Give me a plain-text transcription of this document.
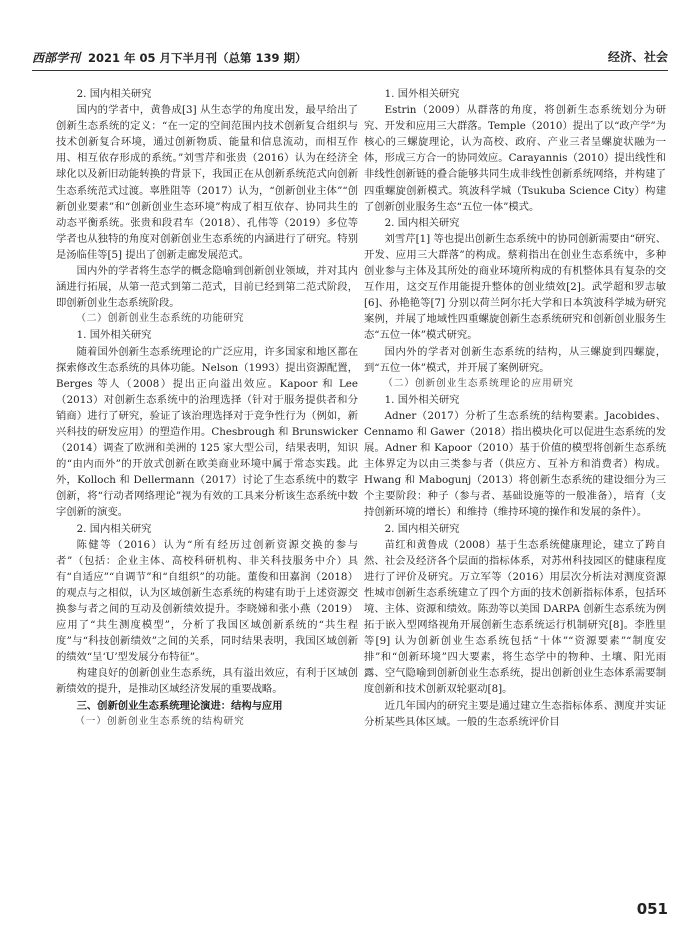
西部学刊 2021 年 05 月下半月刊（总第 139 期）	经济、社会

2. 国内相关研究

国内的学者中，黄鲁成[3] 从生态学的角度出发，最早给出了创新生态系统的定义：“在一定的空间范围内技术创新复合组织与技术创新复合环境，通过创新物质、能量和信息流动，而相互作用、相互依存形成的系统。”刘雪芹和张贵（2016）认为在经济全球化以及新旧动能转换的背景下，我国正在从创新系统范式向创新生态系统范式过渡。辜胜阻等（2017）认为，“创新创业主体”“创新创业要素”和“创新创业生态环境”构成了相互依存、协同共生的动态平衡系统。张贵和段君车（2018）、孔伟等（2019）多位等学者也从独特的角度对创新创业生态系统的内涵进行了研究。特别是汤临佳等[5] 提出了创新走廊发展范式。

国内外的学者将生态学的概念隐喻到创新创业领域，并对其内涵进行拓展，从第一范式到第二范式，目前已经到第二范式阶段，即创新创业生态系统阶段。

（二）创新创业生态系统的功能研究

1. 国外相关研究

随着国外创新生态系统理论的广泛应用，许多国家和地区都在探索修改生态系统的具体功能。Nelson（1993）提出资源配置，Berges 等人（2008）提出正向溢出效应。Kapoor 和 Lee（2013）对创新生态系统中的治理选择（针对于服务提供者和分销商）进行了研究，验证了该治理选择对于竞争性行为（例如，新兴科技的研发应用）的塑造作用。Chesbrough 和 Brunswicker（2014）调查了欧洲和美洲的 125 家大型公司，结果表明，知识的“由内而外”的开放式创新在欧美商业环境中属于常态实践。此外，Kolloch 和 Dellermann（2017）讨论了生态系统中的数字创新，将“行动者网络理论”视为有效的工具来分析该生态系统中数字创新的演变。

2. 国内相关研究

陈健等（2016）认为“所有经历过创新资源交换的参与者”（包括：企业主体、高校科研机构、非关科技服务中介）具有“自适应”“自调节”和“自组织”的功能。董俊和田嘉润（2018）的观点与之相似，认为区域创新生态系统的构建有助于上述资源交换参与者之间的互动及创新绩效提升。李晓娣和张小燕（2019）应用了“共生测度模型”，分析了我国区域创新系统的“共生程度”与“科技创新绩效”之间的关系，同时结果表明，我国区域创新的绩效“呈‘U’型发展分布特征”。

构建良好的创新创业生态系统，具有溢出效应，有利于区域创新绩效的提升，是推动区域经济发展的重要战略。

三、创新创业生态系统理论演进：结构与应用

（一）创新创业生态系统的结构研究

1. 国外相关研究

Estrin（2009）从群落的角度，将创新生态系统划分为研究、开发和应用三大群落。Temple（2010）提出了以“政产学”为核心的三螺旋理论，认为高校、政府、产业三者呈螺旋状融为一体，形成三方合一的协同效应。Carayannis（2010）提出线性和非线性创新链的叠合能够共同生成非线性创新系统网络，并构建了四重螺旋创新模式。筑波科学城（Tsukuba Science City）构建了创新创业服务生态“五位一体”模式。

2. 国内相关研究

刘雪芹[1] 等也提出创新生态系统中的协同创新需要由“研究、开发、应用三大群落”的构成。蔡莉指出在创业生态系统中，多种创业参与主体及其所处的商业环境所构成的有机整体具有复杂的交互作用，这交互作用能提升整体的创业绩效[2]。武学超和罗志敏[6]、孙艳艳等[7] 分别以荷兰阿尔托大学和日本筑波科学城为研究案例，并展了地域性四重螺旋创新生态系统研究和创新创业服务生态“五位一体”模式研究。

国内外的学者对创新生态系统的结构，从三螺旋到四螺旋，到“五位一体”模式，并开展了案例研究。

（二）创新创业生态系统理论的应用研究

1. 国外相关研究

Adner（2017）分析了生态系统的结构要素。Jacobides、Cennamo 和 Gawer（2018）指出模块化可以促进生态系统的发展。Adner 和 Kapoor（2010）基于价值的模型将创新生态系统主体界定为以由三类参与者（供应方、互补方和消费者）构成。Hwang 和 Mabogunj（2013）将创新生态系统的建设细分为三个主要阶段：种子（参与者、基础设施等的一般准备），培育（支持创新环境的增长）和维持（维持环境的操作和发展的条件）。

2. 国内相关研究

苗红和黄鲁成（2008）基于生态系统健康理论，建立了跨自然、社会及经济各个层面的指标体系，对苏州科技园区的健康程度进行了评价及研究。万立军等（2016）用层次分析法对测度资源性城市创新生态系统建立了四个方面的技术创新指标体系，包括环境、主体、资源和绩效。陈劲等以美国 DARPA 创新生态系统为例拓于嵌入型网络视角开展创新生态系统运行机制研究[8]。李胜里等[9] 认为创新创业生态系统包括“十体”“资源要素”“制度安排”和“创新环境”四大要素，将生态学中的物种、土壤、阳光雨露、空气隐喻到创新创业生态系统，提出创新创业生态体系需要制度创新和技术创新双轮驱动[8]。

近几年国内的研究主要是通过建立生态指标体系、测度并实证分析某些具体区域。一般的生态系统评价目

051
